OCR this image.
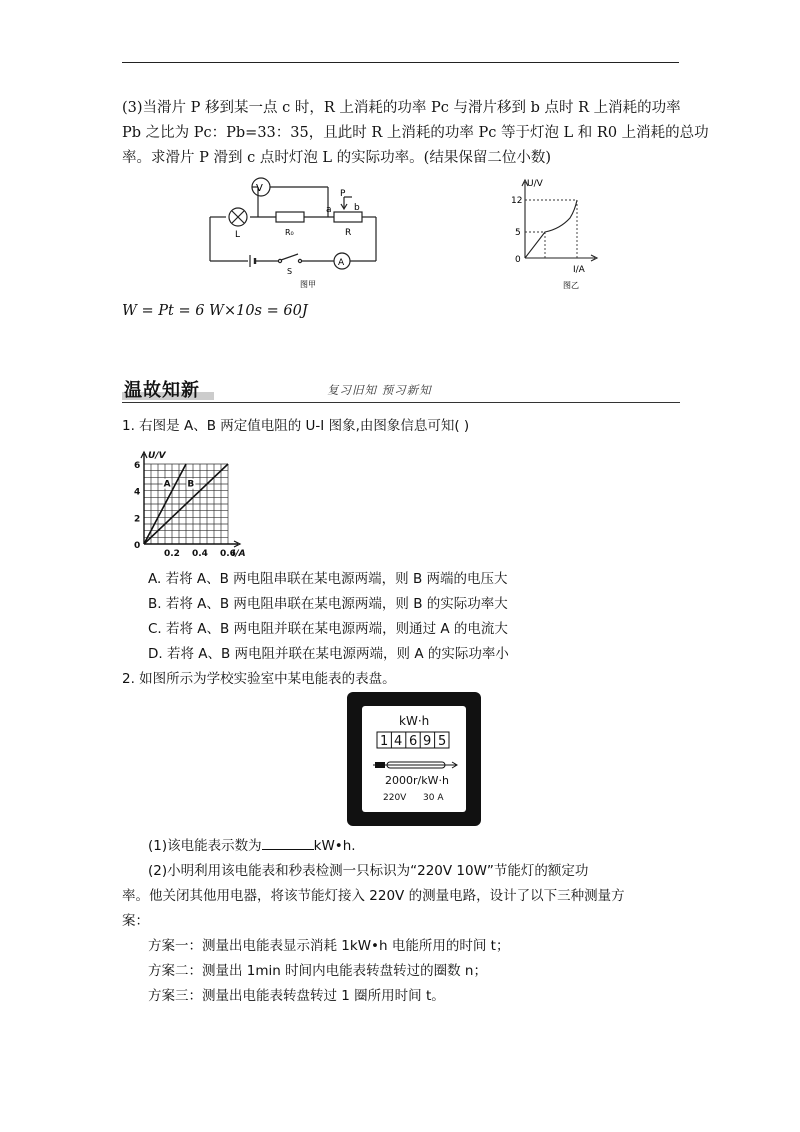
(3)当滑片 P 移到某一点 c 时，R 上消耗的功率 Pc 与滑片移到 b 点时 R 上消耗的功率
Pb 之比为 Pc：Pb=33：35，且此时 R 上消耗的功率 Pc 等于灯泡 L 和 R0 上消耗的总功
率。求滑片 P 滑到 c 点时灯泡 L 的实际功率。(结果保留二位小数)
V
L	R₀	R
a b
P
S
A
图甲
U/V
12
5
0
I/A
图乙
W = Pt = 6 W×10s = 60J
温故知新	复习旧知 预习新知
1. 右图是 A、B 两定值电阻的 U-I 图象,由图象信息可知( )
0
2
4
6
0.2 0.4 0.6
U/V
I/A
A B
A. 若将 A、B 两电阻串联在某电源两端，则 B 两端的电压大
B. 若将 A、B 两电阻串联在某电源两端，则 B 的实际功率大
C. 若将 A、B 两电阻并联在某电源两端，则通过 A 的电流大
D. 若将 A、B 两电阻并联在某电源两端，则 A 的实际功率小
2. 如图所示为学校实验室中某电能表的表盘。
kW·h
1 4 6 9 5
2000r/kW·h
220V 30 A
(1)该电能表示数为	kW•h.
(2)小明利用该电能表和秒表检测一只标识为“220V 10W”节能灯的额定功
率。他关闭其他用电器，将该节能灯接入 220V 的测量电路，设计了以下三种测量方
案：
方案一：测量出电能表显示消耗 1kW•h 电能所用的时间 t；
方案二：测量出 1min 时间内电能表转盘转过的圈数 n；
方案三：测量出电能表转盘转过 1 圈所用时间 t。
